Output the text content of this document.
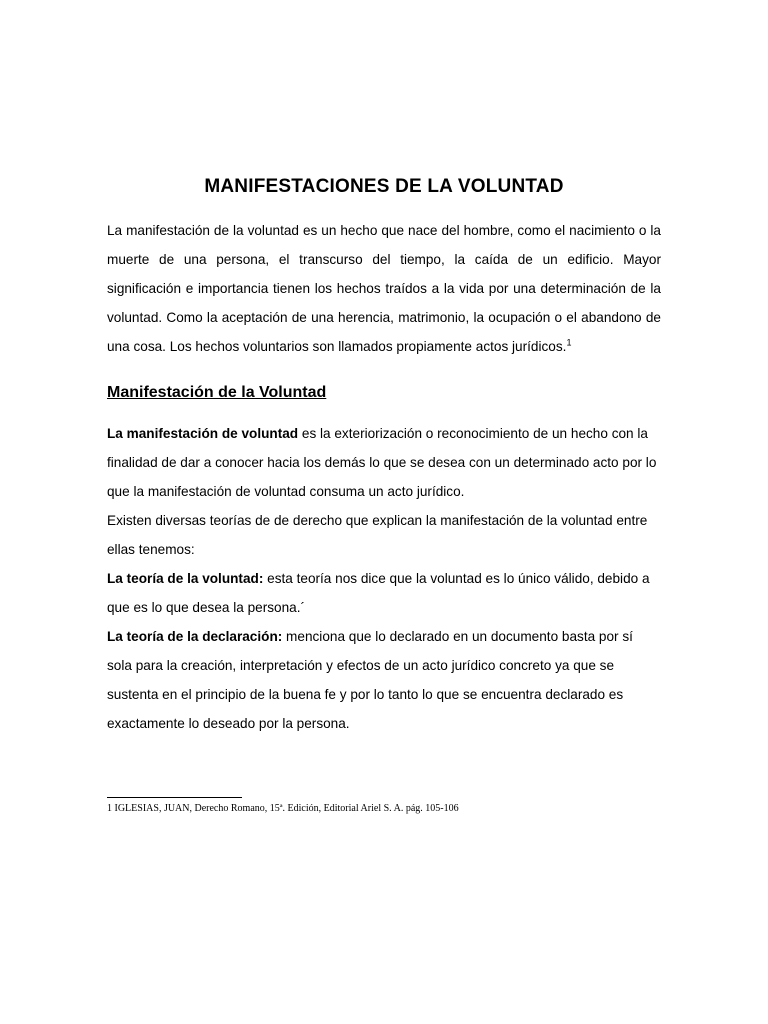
MANIFESTACIONES DE LA VOLUNTAD

La manifestación de la voluntad es un hecho que nace del hombre, como el nacimiento o la muerte de una persona, el transcurso del tiempo, la caída de un edificio. Mayor significación e importancia tienen los hechos traídos a la vida por una determinación de la voluntad. Como la aceptación de una herencia, matrimonio, la ocupación o el abandono de una cosa. Los hechos voluntarios son llamados propiamente actos jurídicos.$^1$

Manifestación de la Voluntad

La manifestación de voluntad es la exteriorización o reconocimiento de un hecho con la finalidad de dar a conocer hacia los demás lo que se desea con un determinado acto por lo que la manifestación de voluntad consuma un acto jurídico.

Existen diversas teorías de de derecho que explican la manifestación de la voluntad entre ellas tenemos:

La teoría de la voluntad: esta teoría nos dice que la voluntad es lo único válido, debido a que es lo que desea la persona.´

La teoría de la declaración: menciona que lo declarado en un documento basta por sí sola para la creación, interpretación y efectos de un acto jurídico concreto ya que se sustenta en el principio de la buena fe y por lo tanto lo que se encuentra declarado es exactamente lo deseado por la persona.

1 IGLESIAS, JUAN, Derecho Romano, 15ª. Edición, Editorial Ariel S. A. pág. 105-106
